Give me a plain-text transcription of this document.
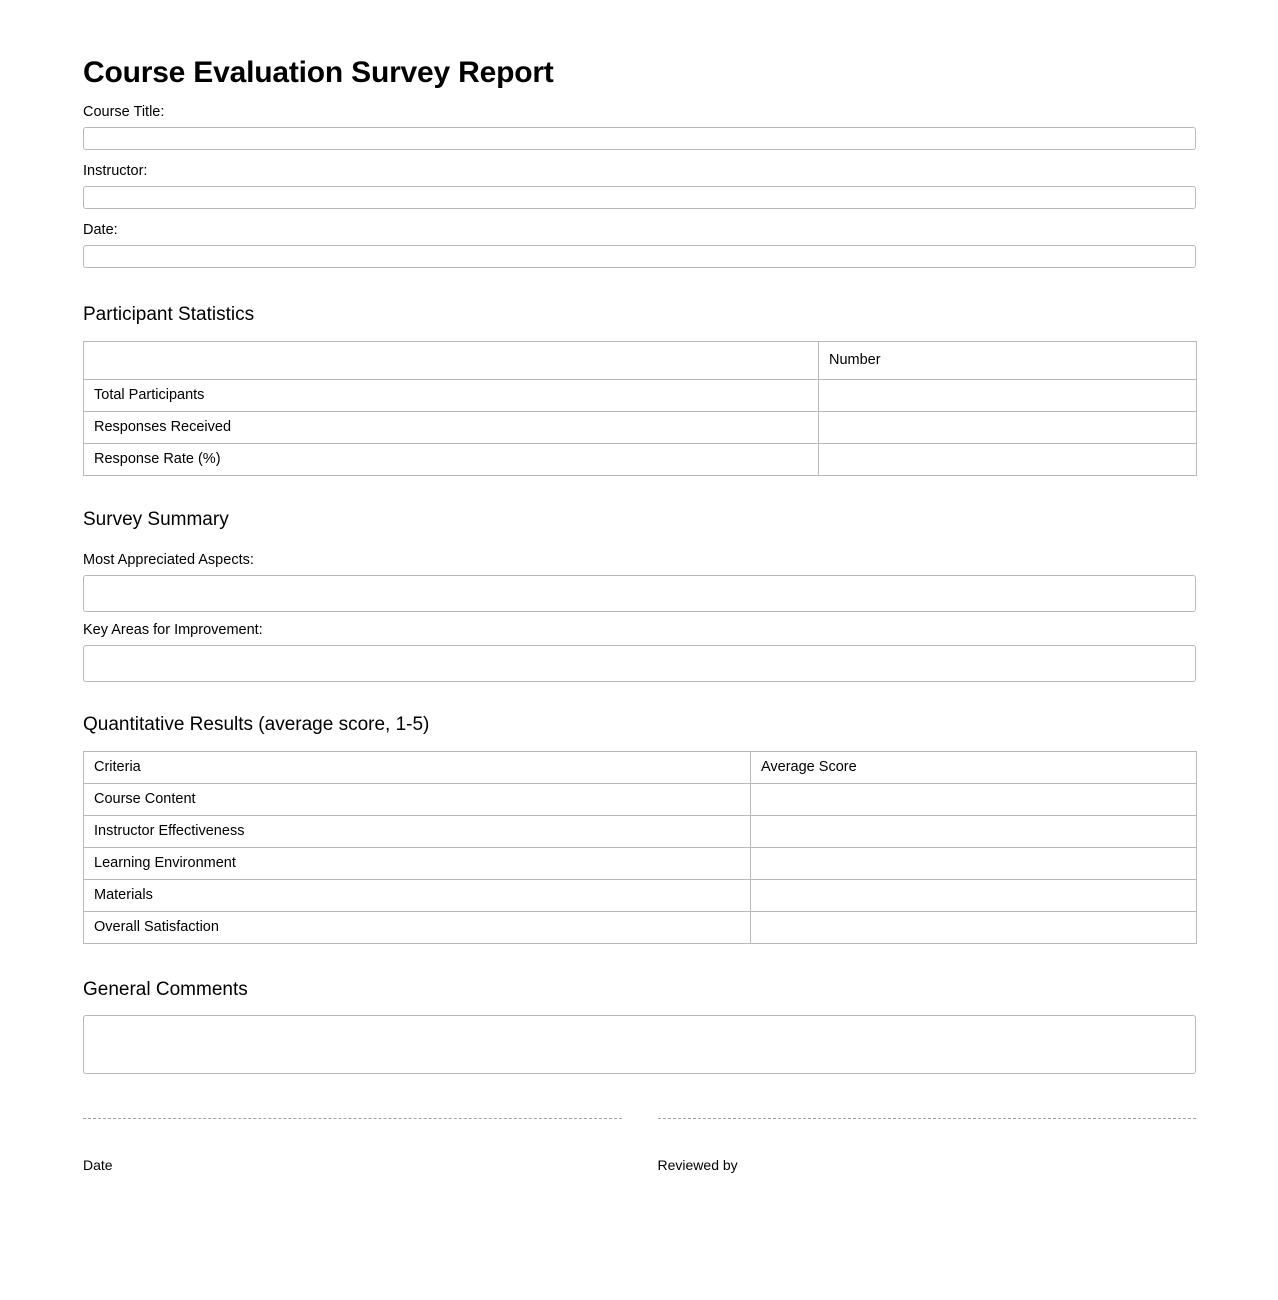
Course Evaluation Survey Report
Course Title:
Instructor:
Date:
Participant Statistics
	Number
Total Participants	
Responses Received	
Response Rate (%)	
Survey Summary
Most Appreciated Aspects:
Key Areas for Improvement:
Quantitative Results (average score, 1-5)
Criteria	Average Score
Course Content	
Instructor Effectiveness	
Learning Environment	
Materials	
Overall Satisfaction	
General Comments
Date	Reviewed by
